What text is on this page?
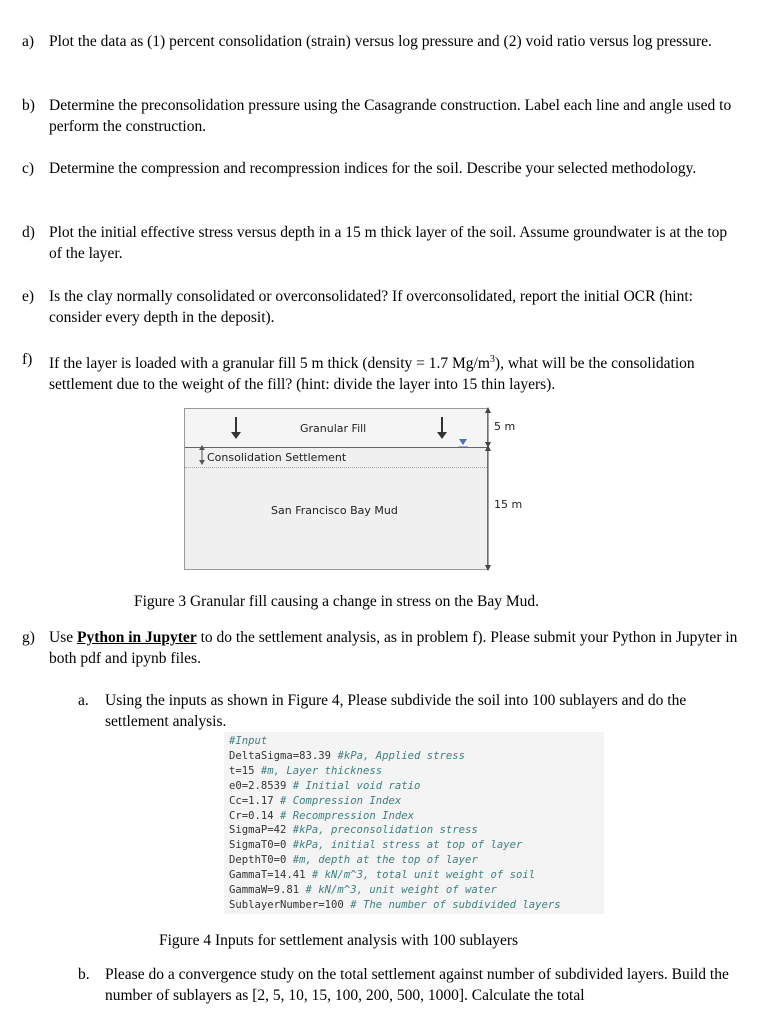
a) Plot the data as (1) percent consolidation (strain) versus log pressure and (2) void ratio versus log pressure.
b) Determine the preconsolidation pressure using the Casagrande construction. Label each line and angle used to perform the construction.
c) Determine the compression and recompression indices for the soil. Describe your selected methodology.
d) Plot the initial effective stress versus depth in a 15 m thick layer of the soil. Assume groundwater is at the top of the layer.
e) Is the clay normally consolidated or overconsolidated? If overconsolidated, report the initial OCR (hint: consider every depth in the deposit).
f) If the layer is loaded with a granular fill 5 m thick (density = 1.7 $Mg/m^3$), what will be the consolidation settlement due to the weight of the fill? (hint: divide the layer into 15 thin layers).
Granular Fill
Consolidation Settlement
San Francisco Bay Mud
5 m
15 m
Figure 3 Granular fill causing a change in stress on the Bay Mud.
g) Use Python in Jupyter to do the settlement analysis, as in problem f). Please submit your Python in Jupyter in both pdf and ipynb files.
a. Using the inputs as shown in Figure 4, Please subdivide the soil into 100 sublayers and do the settlement analysis.
#Input
DeltaSigma=83.39 #kPa, Applied stress
t=15 #m, Layer thickness
e0=2.8539 # Initial void ratio
Cc=1.17 # Compression Index
Cr=0.14 # Recompression Index
SigmaP=42 #kPa, preconsolidation stress
SigmaT0=0 #kPa, initial stress at top of layer
DepthT0=0 #m, depth at the top of layer
GammaT=14.41 # kN/m^3, total unit weight of soil
GammaW=9.81 # kN/m^3, unit weight of water
SublayerNumber=100 # The number of subdivided layers
Figure 4 Inputs for settlement analysis with 100 sublayers
b. Please do a convergence study on the total settlement against number of subdivided layers. Build the number of sublayers as [2, 5, 10, 15, 100, 200, 500, 1000]. Calculate the total
